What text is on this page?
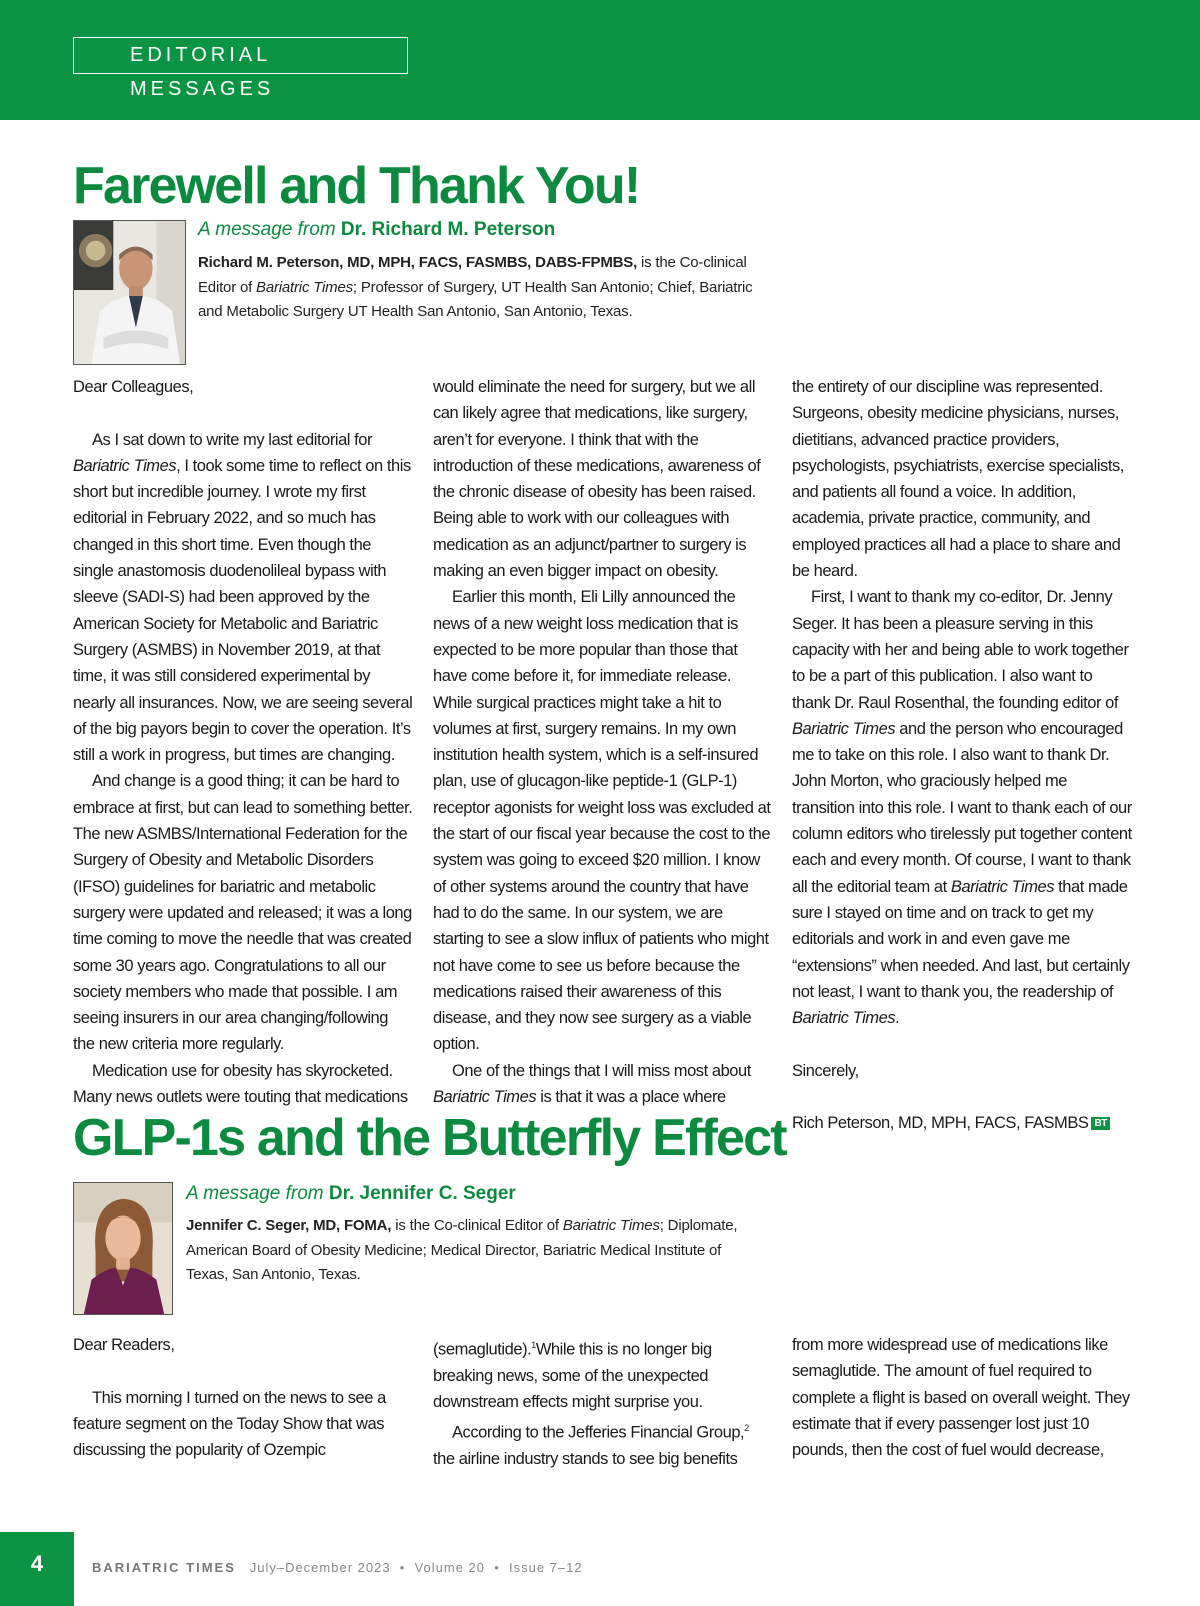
EDITORIAL MESSAGES
Farewell and Thank You!
A message from Dr. Richard M. Peterson
Richard M. Peterson, MD, MPH, FACS, FASMBS, DABS-FPMBS, is the Co-clinical Editor of Bariatric Times; Professor of Surgery, UT Health San Antonio; Chief, Bariatric and Metabolic Surgery UT Health San Antonio, San Antonio, Texas.

Dear Colleagues,

As I sat down to write my last editorial for Bariatric Times, I took some time to reflect on this short but incredible journey. I wrote my first editorial in February 2022, and so much has changed in this short time. Even though the single anastomosis duodenolileal bypass with sleeve (SADI-S) had been approved by the American Society for Metabolic and Bariatric Surgery (ASMBS) in November 2019, at that time, it was still considered experimental by nearly all insurances. Now, we are seeing several of the big payors begin to cover the operation. It’s still a work in progress, but times are changing.

And change is a good thing; it can be hard to embrace at first, but can lead to something better. The new ASMBS/International Federation for the Surgery of Obesity and Metabolic Disorders (IFSO) guidelines for bariatric and metabolic surgery were updated and released; it was a long time coming to move the needle that was created some 30 years ago. Congratulations to all our society members who made that possible. I am seeing insurers in our area changing/following the new criteria more regularly.

Medication use for obesity has skyrocketed. Many news outlets were touting that medications

would eliminate the need for surgery, but we all can likely agree that medications, like surgery, aren’t for everyone. I think that with the introduction of these medications, awareness of the chronic disease of obesity has been raised. Being able to work with our colleagues with medication as an adjunct/partner to surgery is making an even bigger impact on obesity.

Earlier this month, Eli Lilly announced the news of a new weight loss medication that is expected to be more popular than those that have come before it, for immediate release. While surgical practices might take a hit to volumes at first, surgery remains. In my own institution health system, which is a self-insured plan, use of glucagon-like peptide-1 (GLP-1) receptor agonists for weight loss was excluded at the start of our fiscal year because the cost to the system was going to exceed $20 million. I know of other systems around the country that have had to do the same. In our system, we are starting to see a slow influx of patients who might not have come to see us before because the medications raised their awareness of this disease, and they now see surgery as a viable option.

One of the things that I will miss most about Bariatric Times is that it was a place where

the entirety of our discipline was represented. Surgeons, obesity medicine physicians, nurses, dietitians, advanced practice providers, psychologists, psychiatrists, exercise specialists, and patients all found a voice. In addition, academia, private practice, community, and employed practices all had a place to share and be heard.

First, I want to thank my co-editor, Dr. Jenny Seger. It has been a pleasure serving in this capacity with her and being able to work together to be a part of this publication. I also want to thank Dr. Raul Rosenthal, the founding editor of Bariatric Times and the person who encouraged me to take on this role. I also want to thank Dr. John Morton, who graciously helped me transition into this role. I want to thank each of our column editors who tirelessly put together content each and every month. Of course, I want to thank all the editorial team at Bariatric Times that made sure I stayed on time and on track to get my editorials and work in and even gave me “extensions” when needed. And last, but certainly not least, I want to thank you, the readership of Bariatric Times.

Sincerely,

Rich Peterson, MD, MPH, FACS, FASMBS BT

GLP-1s and the Butterfly Effect
A message from Dr. Jennifer C. Seger
Jennifer C. Seger, MD, FOMA, is the Co-clinical Editor of Bariatric Times; Diplomate, American Board of Obesity Medicine; Medical Director, Bariatric Medical Institute of Texas, San Antonio, Texas.

Dear Readers,

This morning I turned on the news to see a feature segment on the Today Show that was discussing the popularity of Ozempic

(semaglutide).$^1$While this is no longer big breaking news, some of the unexpected downstream effects might surprise you.

According to the Jefferies Financial Group,$^2$ the airline industry stands to see big benefits

from more widespread use of medications like semaglutide. The amount of fuel required to complete a flight is based on overall weight. They estimate that if every passenger lost just 10 pounds, then the cost of fuel would decrease,

4	BARIATRIC TIMES July–December 2023  •  Volume 20  •  Issue 7–12
